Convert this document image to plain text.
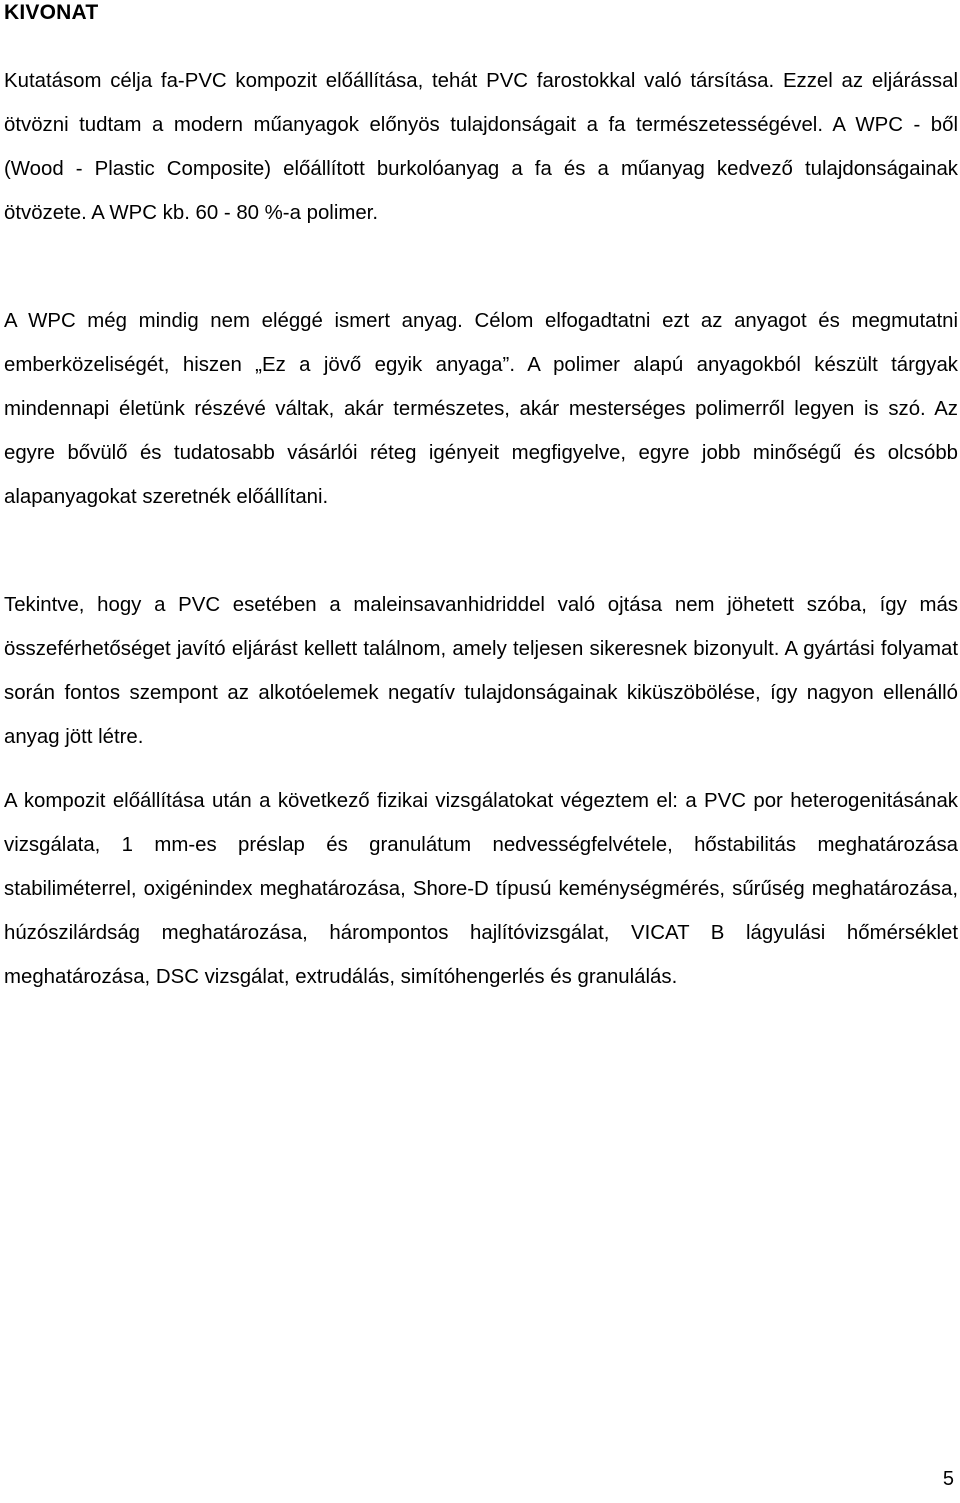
KIVONAT

Kutatásom célja fa-PVC kompozit előállítása, tehát PVC farostokkal való társítása. Ezzel az eljárással ötvözni tudtam a modern műanyagok előnyös tulajdonságait a fa természetességével. A WPC - ből (Wood - Plastic Composite) előállított burkolóanyag a fa és a műanyag kedvező tulajdonságainak ötvözete. A WPC kb. 60 - 80 %-a polimer.

A WPC még mindig nem eléggé ismert anyag. Célom elfogadtatni ezt az anyagot és megmutatni emberközeliségét, hiszen „Ez a jövő egyik anyaga”. A polimer alapú anyagokból készült tárgyak mindennapi életünk részévé váltak, akár természetes, akár mesterséges polimerről legyen is szó. Az egyre bővülő és tudatosabb vásárlói réteg igényeit megfigyelve, egyre jobb minőségű és olcsóbb alapanyagokat szeretnék előállítani.

Tekintve, hogy a PVC esetében a maleinsavanhidriddel való ojtása nem jöhetett szóba, így más összeférhetőséget javító eljárást kellett találnom, amely teljesen sikeresnek bizonyult. A gyártási folyamat során fontos szempont az alkotóelemek negatív tulajdonságainak kiküszöbölése, így nagyon ellenálló anyag jött létre.

A kompozit előállítása után a következő fizikai vizsgálatokat végeztem el: a PVC por heterogenitásának vizsgálata, 1 mm-es préslap és granulátum nedvességfelvétele, hőstabilitás meghatározása stabiliméterrel, oxigénindex meghatározása, Shore-D típusú keménységmérés, sűrűség meghatározása, húzószilárdság meghatározása, hárompontos hajlítóvizsgálat, VICAT B lágyulási hőmérséklet meghatározása, DSC vizsgálat, extrudálás, simítóhengerlés és granulálás.

5
